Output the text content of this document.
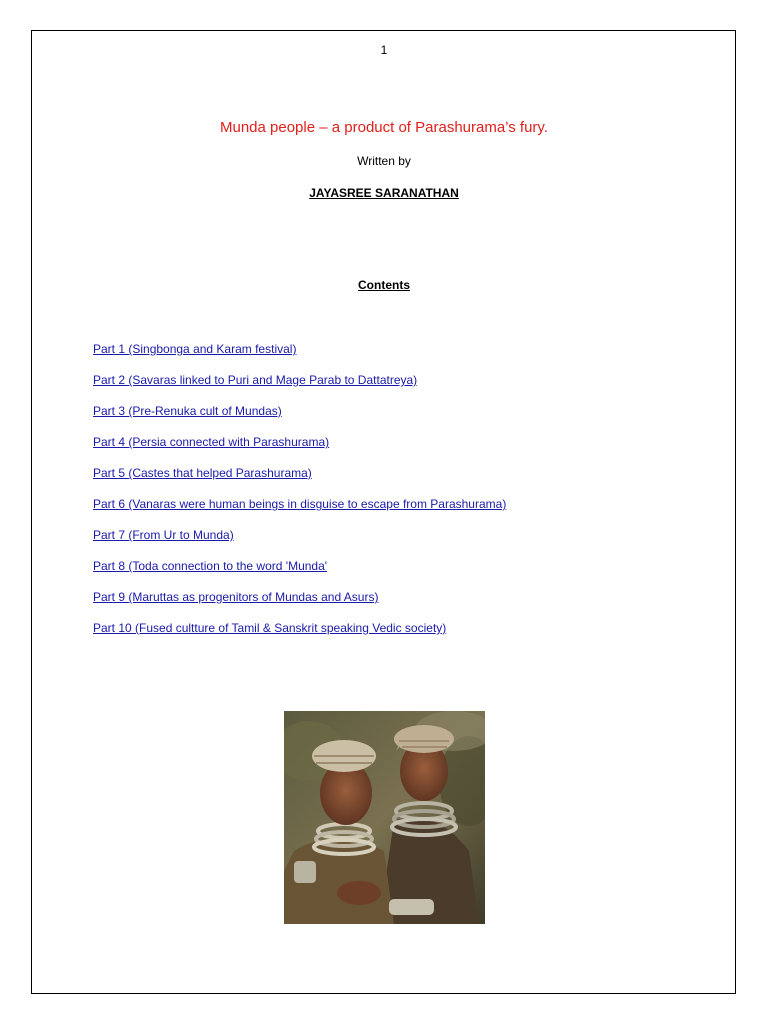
1
Munda people – a product of Parashurama’s fury.
Written by
JAYASREE SARANATHAN
Contents
Part 1 (Singbonga and Karam festival)
Part 2 (Savaras linked to Puri and Mage Parab to Dattatreya)
Part 3 (Pre-Renuka cult of Mundas)
Part 4 (Persia connected with Parashurama)
Part 5 (Castes that helped Parashurama)
Part 6 (Vanaras were human beings in disguise to escape from Parashurama)
Part 7 (From Ur to Munda)
Part 8 (Toda connection to the word 'Munda'
Part 9 (Maruttas as progenitors of Mundas and Asurs)
Part 10 (Fused cultture of Tamil & Sanskrit speaking Vedic society)
